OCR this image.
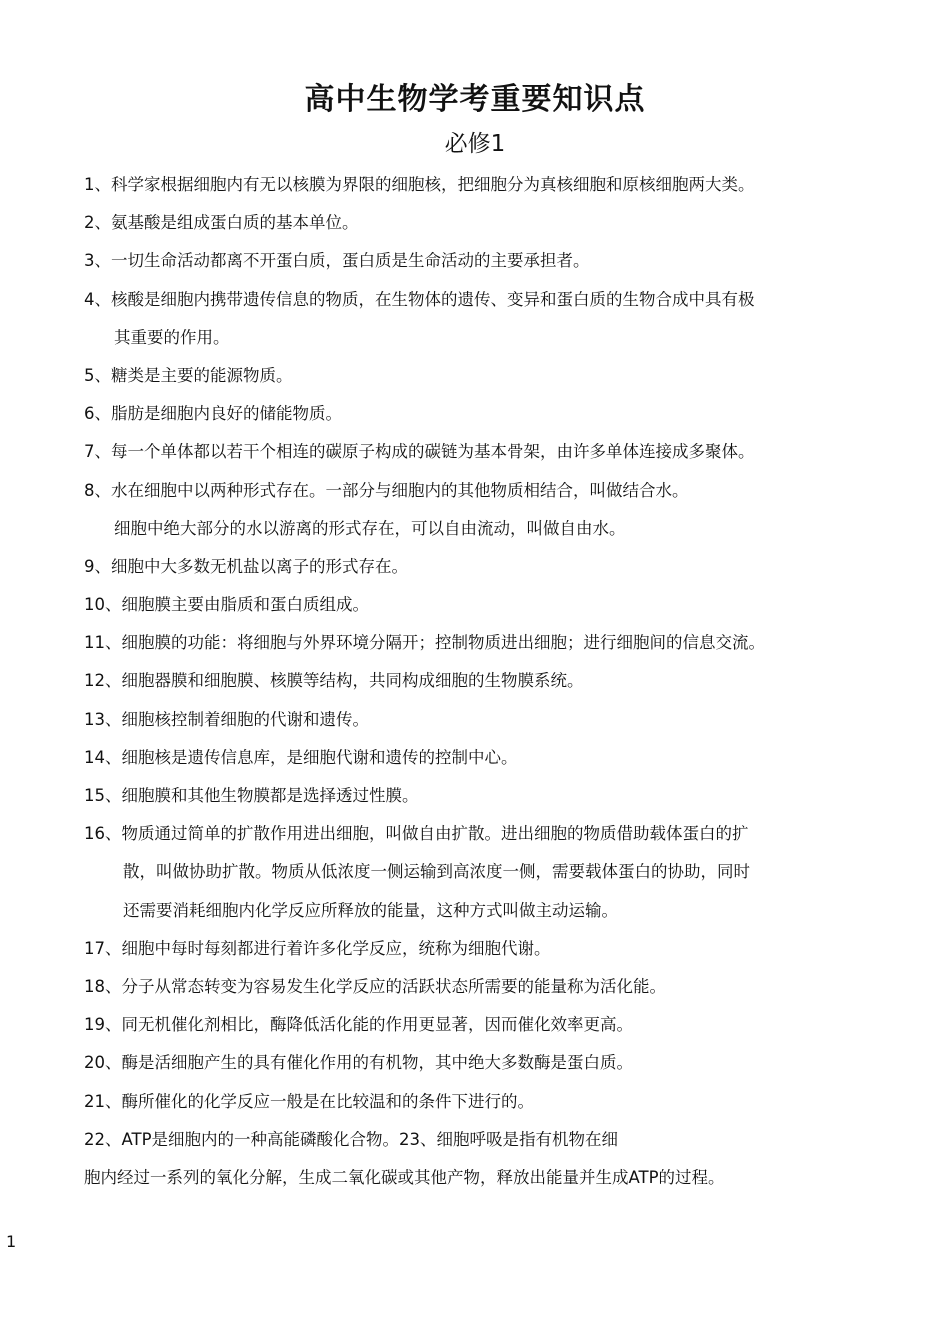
高中生物学考重要知识点
必修1
1、科学家根据细胞内有无以核膜为界限的细胞核，把细胞分为真核细胞和原核细胞两大类。
2、氨基酸是组成蛋白质的基本单位。
3、一切生命活动都离不开蛋白质，蛋白质是生命活动的主要承担者。
4、核酸是细胞内携带遗传信息的物质，在生物体的遗传、变异和蛋白质的生物合成中具有极
其重要的作用。
5、糖类是主要的能源物质。
6、脂肪是细胞内良好的储能物质。
7、每一个单体都以若干个相连的碳原子构成的碳链为基本骨架，由许多单体连接成多聚体。
8、水在细胞中以两种形式存在。一部分与细胞内的其他物质相结合，叫做结合水。
细胞中绝大部分的水以游离的形式存在，可以自由流动，叫做自由水。
9、细胞中大多数无机盐以离子的形式存在。
10、细胞膜主要由脂质和蛋白质组成。
11、细胞膜的功能：将细胞与外界环境分隔开；控制物质进出细胞；进行细胞间的信息交流。
12、细胞器膜和细胞膜、核膜等结构，共同构成细胞的生物膜系统。
13、细胞核控制着细胞的代谢和遗传。
14、细胞核是遗传信息库，是细胞代谢和遗传的控制中心。
15、细胞膜和其他生物膜都是选择透过性膜。
16、物质通过简单的扩散作用进出细胞，叫做自由扩散。进出细胞的物质借助载体蛋白的扩
散，叫做协助扩散。物质从低浓度一侧运输到高浓度一侧，需要载体蛋白的协助，同时
还需要消耗细胞内化学反应所释放的能量，这种方式叫做主动运输。
17、细胞中每时每刻都进行着许多化学反应，统称为细胞代谢。
18、分子从常态转变为容易发生化学反应的活跃状态所需要的能量称为活化能。
19、同无机催化剂相比，酶降低活化能的作用更显著，因而催化效率更高。
20、酶是活细胞产生的具有催化作用的有机物，其中绝大多数酶是蛋白质。
21、酶所催化的化学反应一般是在比较温和的条件下进行的。
22、ATP是细胞内的一种高能磷酸化合物。23、细胞呼吸是指有机物在细
胞内经过一系列的氧化分解，生成二氧化碳或其他产物，释放出能量并生成ATP的过程。
1
